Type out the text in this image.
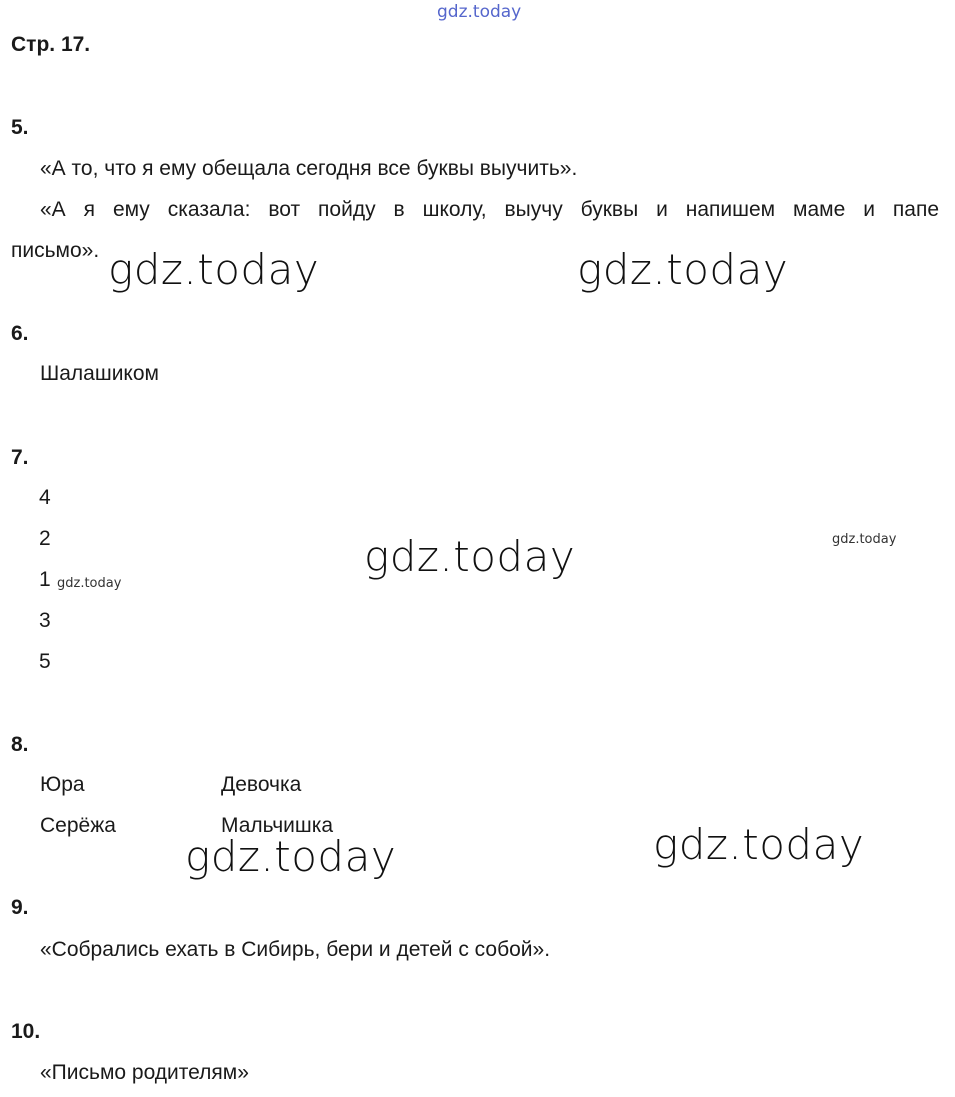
gdz.today
Стр. 17.
5.
«А то, что я ему обещала сегодня все буквы выучить».
«А я ему сказала: вот пойду в школу, выучу буквы и напишем маме и папе
письмо». gdz.today	gdz.today
6.
Шалашиком
7.
4
2
1
3
5
gdz.today
gdz.today
gdz.today
8.
Юра	Девочка
Серёжа	Мальчишка
gdz.today	gdz.today
9.
«Собрались ехать в Сибирь, бери и детей с собой».
10.
«Письмо родителям»
